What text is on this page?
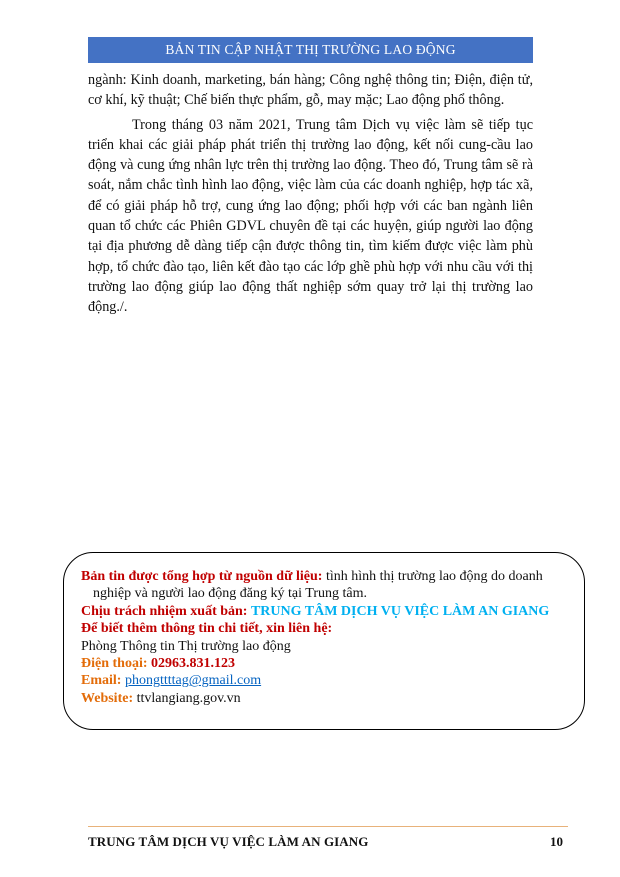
BẢN TIN CẬP NHẬT THỊ TRƯỜNG LAO ĐỘNG

ngành: Kinh doanh, marketing, bán hàng; Công nghệ thông tin; Điện, điện tử, cơ khí, kỹ thuật; Chế biến thực phẩm, gỗ, may mặc; Lao động phổ thông.

Trong tháng 03 năm 2021, Trung tâm Dịch vụ việc làm sẽ tiếp tục triển khai các giải pháp phát triển thị trường lao động, kết nối cung-cầu lao động và cung ứng nhân lực trên thị trường lao động. Theo đó, Trung tâm sẽ rà soát, nắm chắc tình hình lao động, việc làm của các doanh nghiệp, hợp tác xã, để có giải pháp hỗ trợ, cung ứng lao động; phối hợp với các ban ngành liên quan tổ chức các Phiên GDVL chuyên đề tại các huyện, giúp người lao động tại địa phương dễ dàng tiếp cận được thông tin, tìm kiếm được việc làm phù hợp, tổ chức đào tạo, liên kết đào tạo các lớp ghề phù hợp với nhu cầu với thị trường lao động giúp lao động thất nghiệp sớm quay trở lại thị trường lao động./.

Bản tin được tổng hợp từ nguồn dữ liệu: tình hình thị trường lao động do doanh
nghiệp và người lao động đăng ký tại Trung tâm.
Chịu trách nhiệm xuất bản: TRUNG TÂM DỊCH VỤ VIỆC LÀM AN GIANG
Để biết thêm thông tin chi tiết, xin liên hệ:
Phòng Thông tin Thị trường lao động
Điện thoại: 02963.831.123
Email: phongttttag@gmail.com
Website: ttvlangiang.gov.vn
TRUNG TÂM DỊCH VỤ VIỆC LÀM AN GIANG	10
